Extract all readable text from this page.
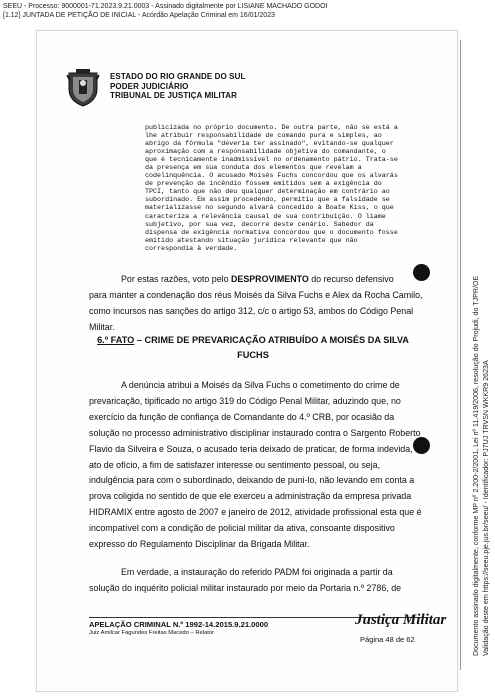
SEEU - Processo: 9000001-71.2023.9.21.0003 - Assinado digitalmente por LISIANE MACHADO GODOI
[1.12] JUNTADA DE PETIÇÃO DE INICIAL - Acórdão Apelação Criminal em 16/01/2023
ESTADO DO RIO GRANDE DO SUL
PODER JUDICIÁRIO
TRIBUNAL DE JUSTIÇA MILITAR
publicizada no próprio documento. De outra parte, não se está a
lhe atribuir responsabilidade de comando pura e simples, ao
abrigo da fórmula "deveria ter assinado", evitando-se qualquer
aproximação com a responsabilidade objetiva do comandante, o
que é tecnicamente inadmissível no ordenamento pátrio. Trata-se
da presença em sua conduta dos elementos que revelam a
codelinquência. O acusado Moisés Fuchs concordou que os alvarás
de prevenção de incêndio fossem emitidos sem a exigência do
TPCI, tanto que não deu qualquer determinação em contrário ao
subordinado. Em assim procedendo, permitiu que a falsidade se
materializasse no segundo alvará concedido à Boate Kiss, o que
caracteriza a relevância causal de sua contribuição. O liame
subjetivo, por sua vez, decorre deste cenário. Sabedor da
dispensa de exigência normativa concordou que o documento fosse
emitido atestando situação jurídica relevante que não
correspondia à verdade.
Por estas razões, voto pelo DESPROVIMENTO do recurso defensivo
para manter a condenação dos réus Moisés da Silva Fuchs e Alex da Rocha Camilo,
como incursos nas sanções do artigo 312, c/c o artigo 53, ambos do Código Penal
Militar.
6.º FATO – CRIME DE PREVARICAÇÃO ATRIBUÍDO A MOISÉS DA SILVA
FUCHS
A denúncia atribui a Moisés da Silva Fuchs o cometimento do crime de
prevaricação, tipificado no artigo 319 do Código Penal Militar, aduzindo que, no
exercício da função de confiança de Comandante do 4.º CRB, por ocasião da
solução no processo administrativo disciplinar instaurado contra o Sargento Roberto
Flavio da Silveira e Souza, o acusado teria deixado de praticar, de forma indevida,
ato de ofício, a fim de satisfazer interesse ou sentimento pessoal, ou seja,
indulgência para com o subordinado, deixando de puni-lo, não levando em conta a
prova coligida no sentido de que ele exerceu a administração da empresa privada
HIDRAMIX entre agosto de 2007 e janeiro de 2012, atividade profissional esta que é
incompatível com a condição de policial militar da ativa, consoante dispositivo
expresso do Regulamento Disciplinar da Brigada Militar.
Em verdade, a instauração do referido PADM foi originada a partir da
solução do inquérito policial militar instaurado por meio da Portaria n.º 2786, de
APELAÇÃO CRIMINAL N.º 1992-14.2015.9.21.0000
Juiz Amilcar Fagundes Freitas Macedo – Relator
Justiça Militar
Página 48 de 62	Documento assinado digitalmente, conforme MP nº 2.200-2/2001, Lei nº 11.419/2006, resolução do Projudi, do TJPR/OE Validação deste em https://seeu.pje.jus.br/seeu/ - Identificador: PJ7UJ TRVSN WKKR9 2623A
